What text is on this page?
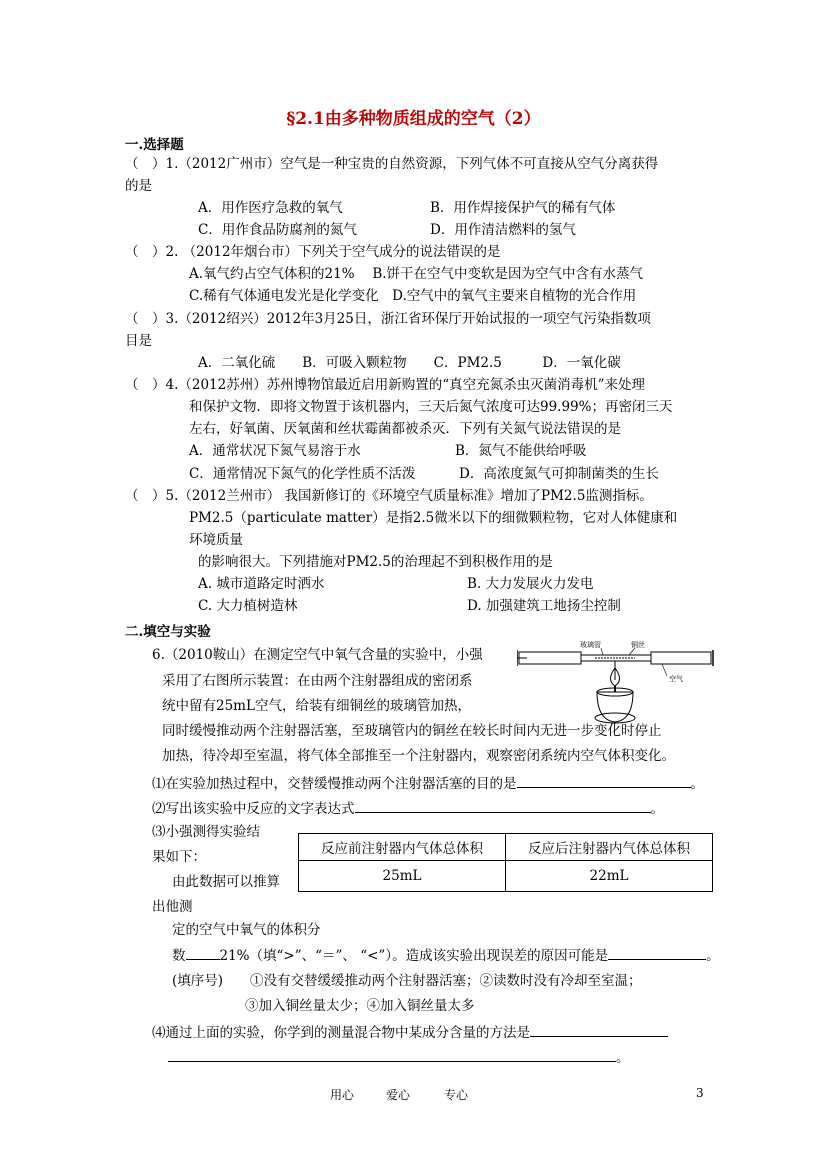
§2.1由多种物质组成的空气（2）
一.选择题
（　）1.（2012广州市）空气是一种宝贵的自然资源，下列气体不可直接从空气分离获得
的是
A．用作医疗急救的氧气	B．用作焊接保护气的稀有气体
C．用作食品防腐剂的氮气	D．用作清洁燃料的氢气
（　）2. （2012年烟台市）下列关于空气成分的说法错误的是
A.氧气约占空气体积的21%　 B.饼干在空气中变软是因为空气中含有水蒸气
C.稀有气体通电发光是化学变化　D.空气中的氧气主要来自植物的光合作用
（　）3.（2012绍兴）2012年3月25日，浙江省环保厅开始试报的一项空气污染指数项
目是
A．二氧化硫　　B．可吸入颗粒物　　C．PM2.5　　　D．一氧化碳
（　）4.（2012苏州）苏州博物馆最近启用新购置的“真空充氮杀虫灭菌消毒机”来处理
和保护文物．即将文物置于该机器内，三天后氮气浓度可达99.99%；再密闭三天
左右，好氧菌、厌氧菌和丝状霉菌都被杀灭．下列有关氮气说法错误的是
A．通常状况下氮气易溶于水	B．氮气不能供给呼吸
C．通常情况下氮气的化学性质不活泼	D．高浓度氮气可抑制菌类的生长
（　）5.（2012兰州市） 我国新修订的《环境空气质量标准》增加了PM2.5监测指标。
PM2.5（particulate matter）是指2.5微米以下的细微颗粒物，它对人体健康和
环境质量
的影响很大。下列措施对PM2.5的治理起不到积极作用的是
A. 城市道路定时洒水	B. 大力发展火力发电
C. 大力植树造林	D. 加强建筑工地扬尘控制
二.填空与实验
玻璃管	铜丝
空气
6.（2010鞍山）在测定空气中氧气含量的实验中，小强
采用了右图所示装置：在由两个注射器组成的密闭系
统中留有25mL空气，给装有细铜丝的玻璃管加热，
同时缓慢推动两个注射器活塞，至玻璃管内的铜丝在较长时间内无进一步变化时停止
加热，待冷却至室温，将气体全部推至一个注射器内，观察密闭系统内空气体积变化。
⑴在实验加热过程中，交替缓慢推动两个注射器活塞的目的是	。
⑵写出该实验中反应的文字表达式	。
⑶小强测得实验结
果如下：
由此数据可以推算
出他测
定的空气中氧气的体积分
反应前注射器内气体总体积	反应后注射器内气体总体积
25mL	22mL
数	21%（填“>”、“＝”、 “<”）。造成该实验出现误差的原因可能是	。
(填序号)　　①没有交替缓缓推动两个注射器活塞；②读数时没有冷却至室温；
③加入铜丝量太少；④加入铜丝量太多
⑷通过上面的实验，你学到的测量混合物中某成分含量的方法是
。
用心	爱心	专心	3
